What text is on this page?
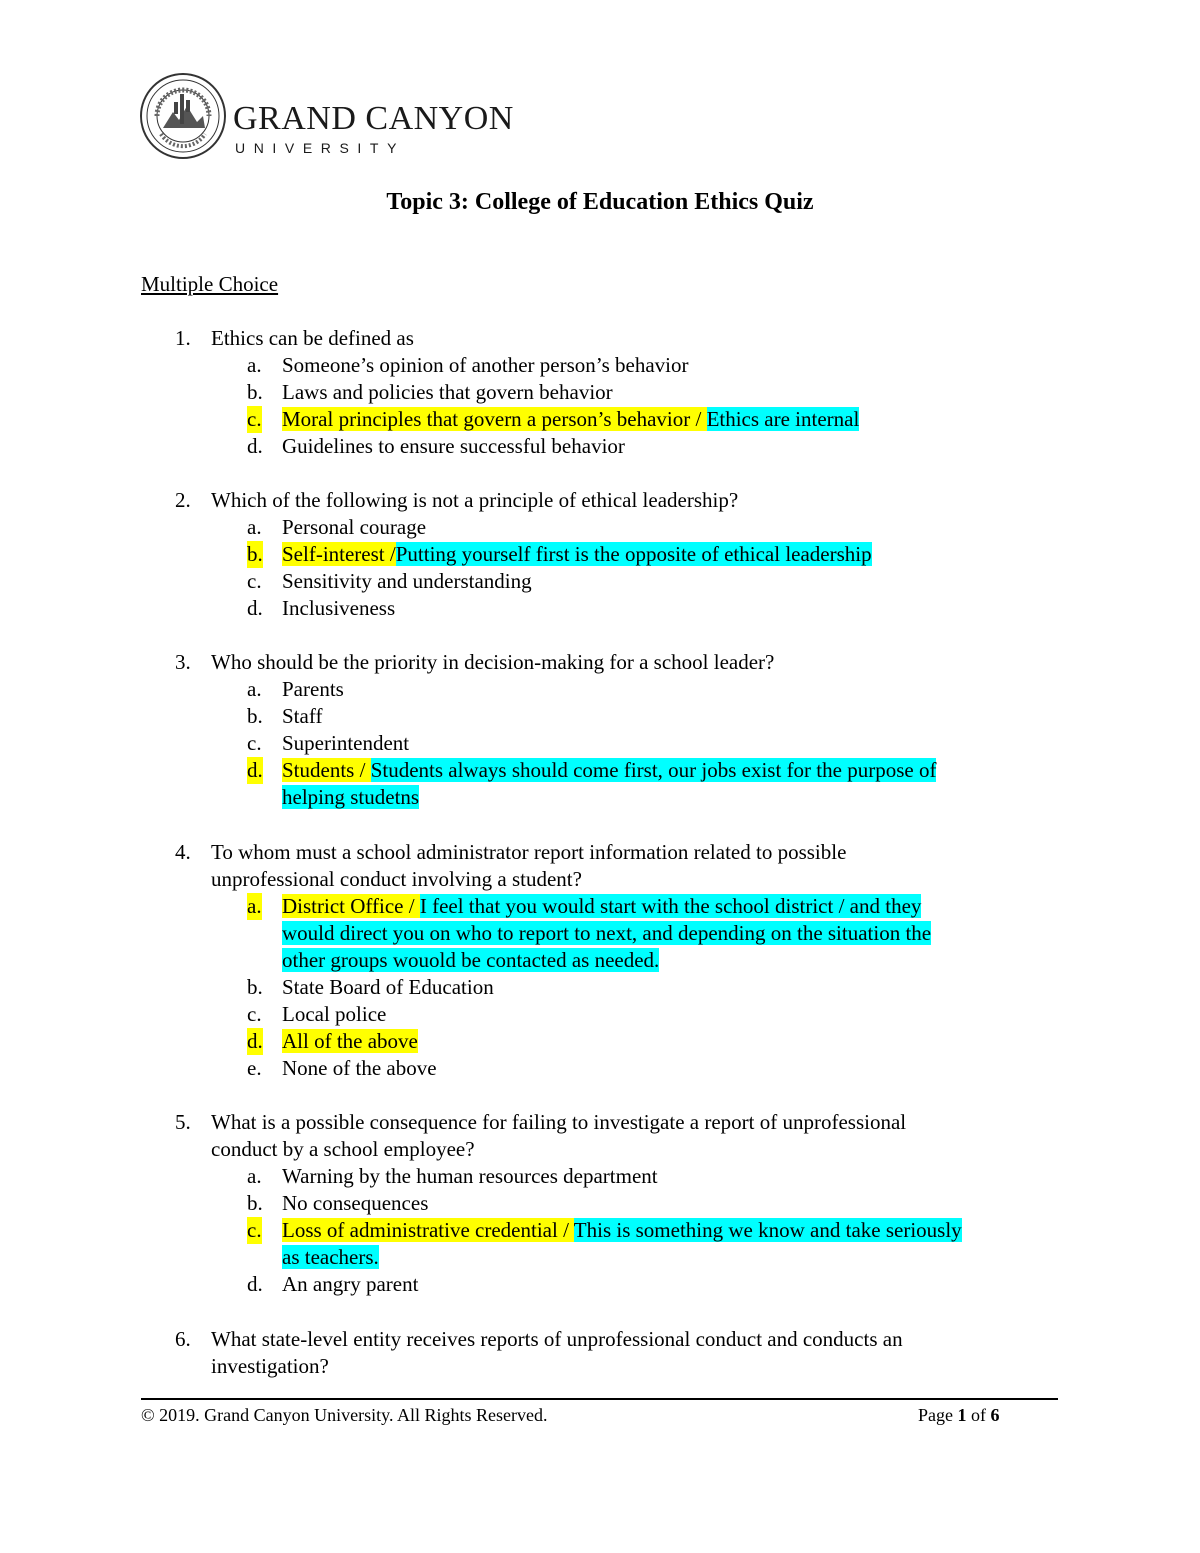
GRAND CANYON
UNIVERSITY
Topic 3: College of Education Ethics Quiz
Multiple Choice
1. Ethics can be defined as
a. Someone’s opinion of another person’s behavior
b. Laws and policies that govern behavior
c. Moral principles that govern a person’s behavior / Ethics are internal
d. Guidelines to ensure successful behavior
2. Which of the following is not a principle of ethical leadership?
a. Personal courage
b. Self-interest /Putting yourself first is the opposite of ethical leadership
c. Sensitivity and understanding
d. Inclusiveness
3. Who should be the priority in decision-making for a school leader?
a. Parents
b. Staff
c. Superintendent
d. Students / Students always should come first, our jobs exist for the purpose of
helping studetns
4. To whom must a school administrator report information related to possible
unprofessional conduct involving a student?
a. District Office / I feel that you would start with the school district / and they
would direct you on who to report to next, and depending on the situation the
other groups wouold be contacted as needed.
b. State Board of Education
c. Local police
d. All of the above
e. None of the above
5. What is a possible consequence for failing to investigate a report of unprofessional
conduct by a school employee?
a. Warning by the human resources department
b. No consequences
c. Loss of administrative credential / This is something we know and take seriously
as teachers.
d. An angry parent
6. What state-level entity receives reports of unprofessional conduct and conducts an
investigation?
© 2019. Grand Canyon University. All Rights Reserved.	Page 1 of 6
